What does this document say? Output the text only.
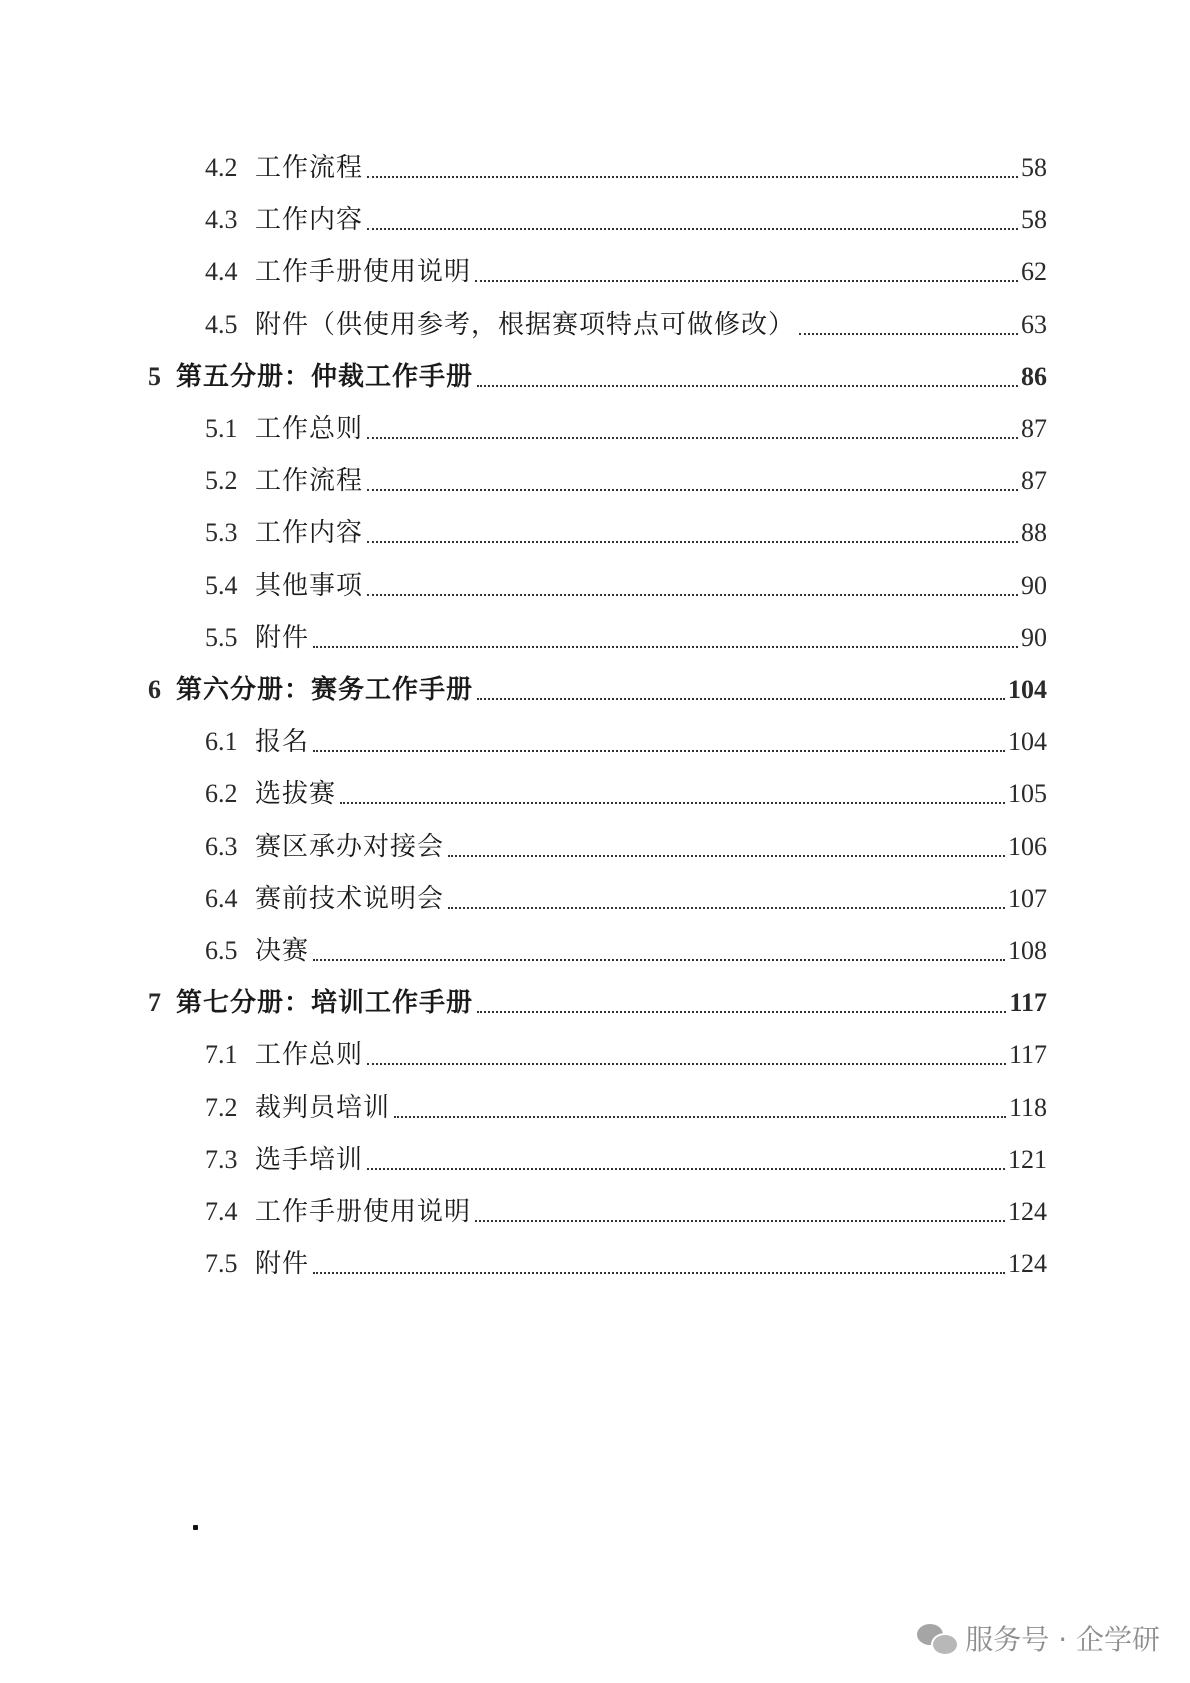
4.2 工作流程	58
4.3 工作内容	58
4.4 工作手册使用说明	62
4.5 附件（供使用参考，根据赛项特点可做修改）	63
5 第五分册：仲裁工作手册	86
5.1 工作总则	87
5.2 工作流程	87
5.3 工作内容	88
5.4 其他事项	90
5.5 附件	90
6 第六分册：赛务工作手册	104
6.1 报名	104
6.2 选拔赛	105
6.3 赛区承办对接会	106
6.4 赛前技术说明会	107
6.5 决赛	108
7 第七分册：培训工作手册	117
7.1 工作总则	117
7.2 裁判员培训	118
7.3 选手培训	121
7.4 工作手册使用说明	124
7.5 附件	124
服务号 · 企学研
